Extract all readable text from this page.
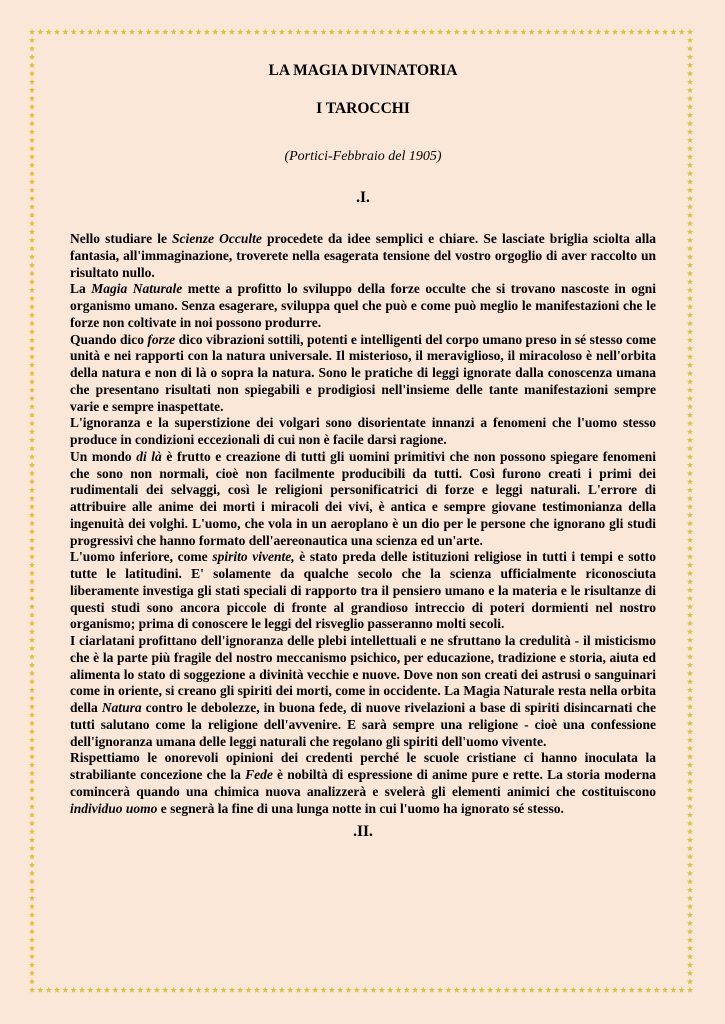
LA MAGIA DIVINATORIA
I TAROCCHI
(Portici-Febbraio del 1905)
.I.

Nello studiare le Scienze Occulte procedete da idee semplici e chiare. Se lasciate briglia sciolta alla fantasia, all'immaginazione, troverete nella esagerata tensione del vostro orgoglio di aver raccolto un risultato nullo.

La Magia Naturale mette a profitto lo sviluppo della forze occulte che si trovano nascoste in ogni organismo umano. Senza esagerare, sviluppa quel che può e come può meglio le manifestazioni che le forze non coltivate in noi possono produrre.

Quando dico forze dico vibrazioni sottili, potenti e intelligenti del corpo umano preso in sé stesso come unità e nei rapporti con la natura universale. Il misterioso, il meraviglioso, il miracoloso è nell'orbita della natura e non di là o sopra la natura. Sono le pratiche di leggi ignorate dalla conoscenza umana che presentano risultati non spiegabili e prodigiosi nell'insieme delle tante manifestazioni sempre varie e sempre inaspettate.

L'ignoranza e la superstizione dei volgari sono disorientate innanzi a fenomeni che l'uomo stesso produce in condizioni eccezionali di cui non è facile darsi ragione.

Un mondo di là è frutto e creazione di tutti gli uomini primitivi che non possono spiegare fenomeni che sono non normali, cioè non facilmente producibili da tutti. Così furono creati i primi dei rudimentali dei selvaggi, così le religioni personificatrici di forze e leggi naturali. L'errore di attribuire alle anime dei morti i miracoli dei vivi, è antica e sempre giovane testimonianza della ingenuità dei volghi. L'uomo, che vola in un aeroplano è un dio per le persone che ignorano gli studi progressivi che hanno formato dell'aereonautica una scienza ed un'arte.

L'uomo inferiore, come spirito vivente, è stato preda delle istituzioni religiose in tutti i tempi e sotto tutte le latitudini. E' solamente da qualche secolo che la scienza ufficialmente riconosciuta liberamente investiga gli stati speciali di rapporto tra il pensiero umano e la materia e le risultanze di questi studi sono ancora piccole di fronte al grandioso intreccio di poteri dormienti nel nostro organismo; prima di conoscere le leggi del risveglio passeranno molti secoli.

I ciarlatani profittano dell'ignoranza delle plebi intellettuali e ne sfruttano la credulità - il misticismo che è la parte più fragile del nostro meccanismo psichico, per educazione, tradizione e storia, aiuta ed alimenta lo stato di soggezione a divinità vecchie e nuove. Dove non son creati dei astrusi o sanguinari come in oriente, si creano gli spiriti dei morti, come in occidente. La Magia Naturale resta nella orbita della Natura contro le debolezze, in buona fede, di nuove rivelazioni a base di spiriti disincarnati che tutti salutano come la religione dell'avvenire. E sarà sempre una religione - cioè una confessione dell'ignoranza umana delle leggi naturali che regolano gli spiriti dell'uomo vivente.

Rispettiamo le onorevoli opinioni dei credenti perché le scuole cristiane ci hanno inoculata la strabiliante concezione che la Fede è nobiltà di espressione di anime pure e rette. La storia moderna comincerà quando una chimica nuova analizzerà e svelerà gli elementi animici che costituiscono individuo uomo e segnerà la fine di una lunga notte in cui l'uomo ha ignorato sé stesso.

.II.
